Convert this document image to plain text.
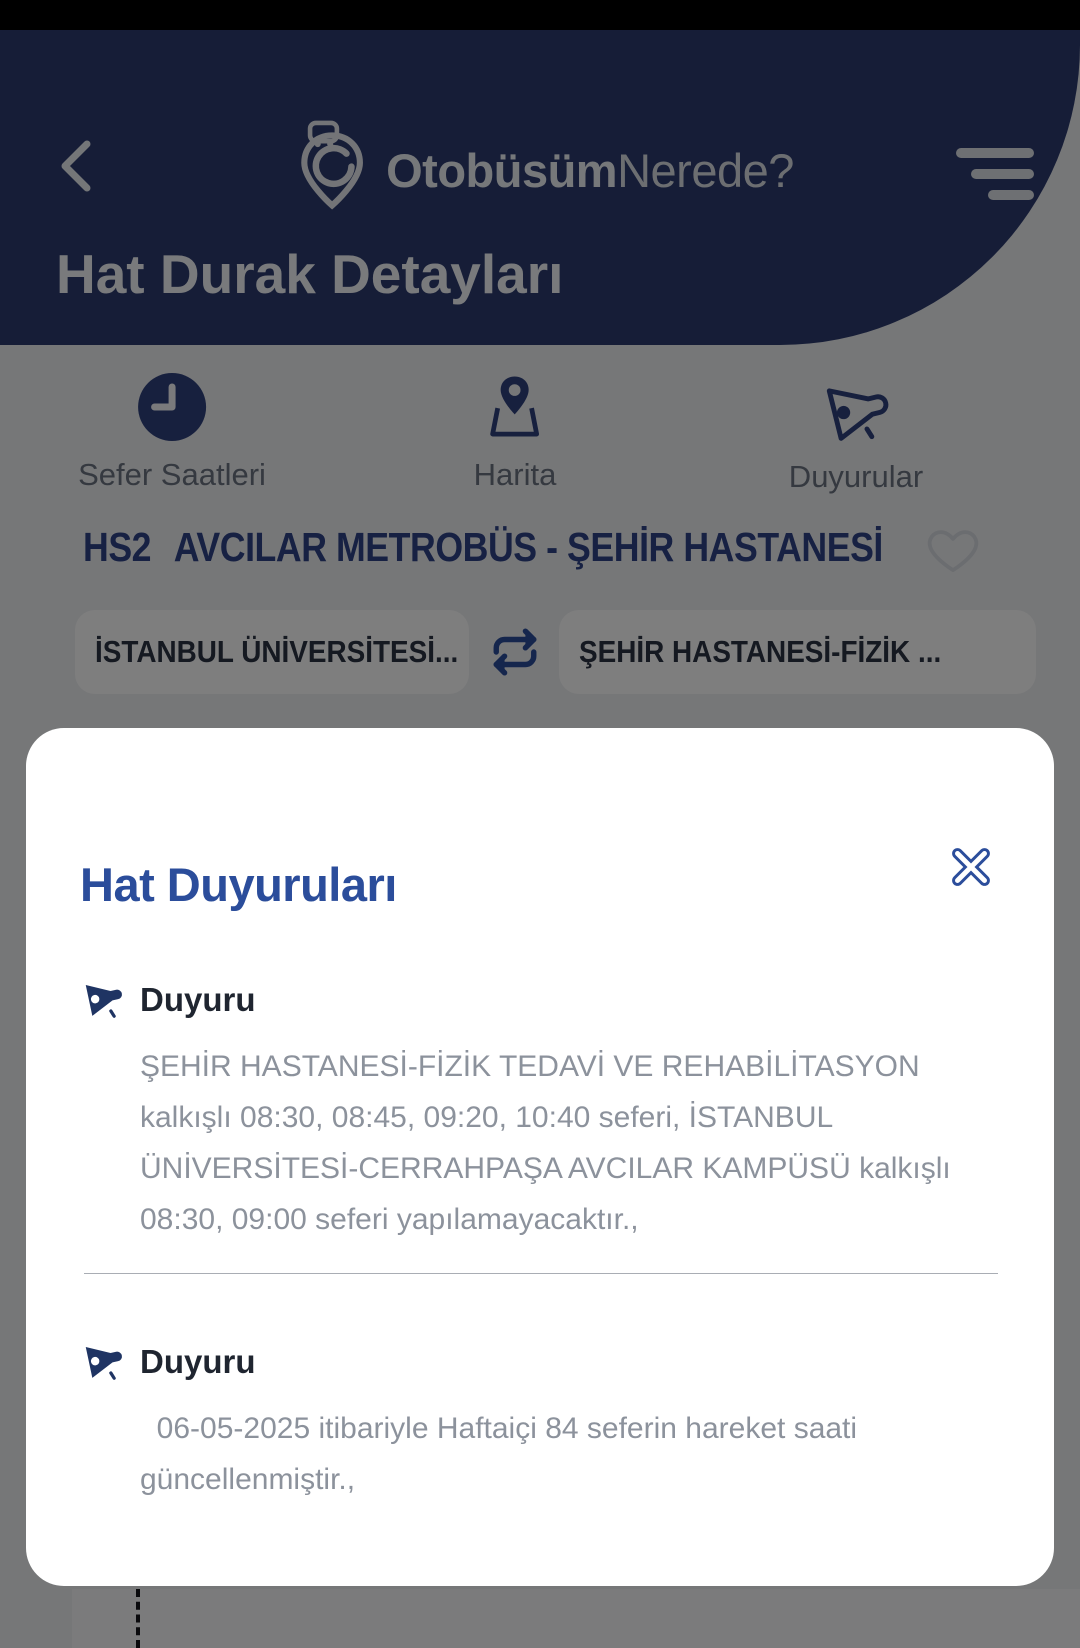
Hat Duyuruları
Duyuru

ŞEHİR HASTANESİ-FİZİK TEDAVİ VE REHABİLİTASYON kalkışlı 08:30, 08:45, 09:20, 10:40 seferi, İSTANBUL ÜNİVERSİTESİ-CERRAHPAŞA AVCILAR KAMPÜSÜ kalkışlı 08:30, 09:00 seferi yapılamayacaktır.,

Duyuru

06-05-2025 itibariyle Haftaiçi 84 seferin hareket saati güncellenmiştir.,
